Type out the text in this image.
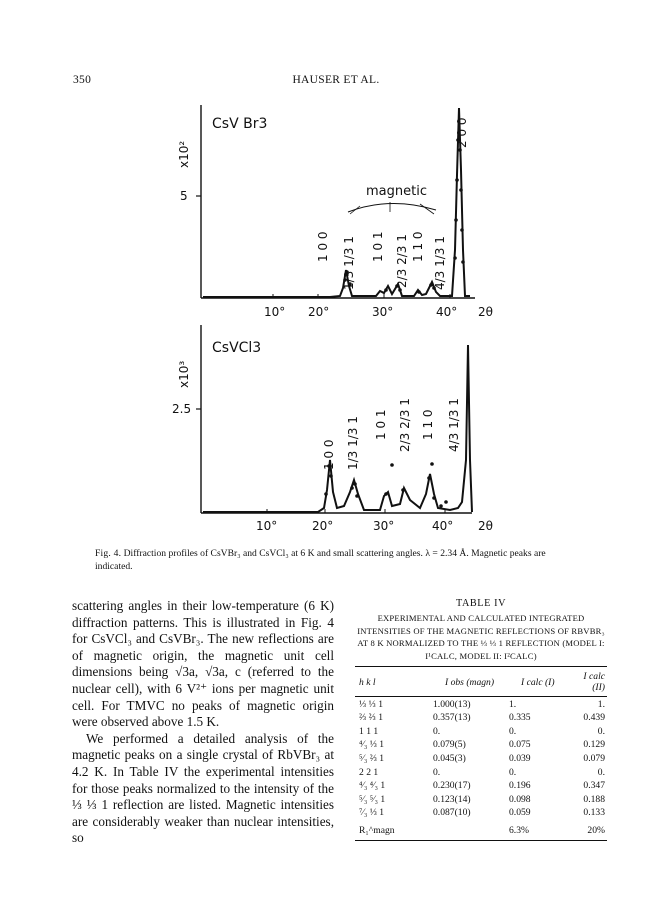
350	HAUSER ET AL.
5
CsV Br3
x10²
10° 20°	30°	40° 2θ
magnetic
1 0 0 1/3 1/3 1 1 0 1 2/3 2/3 1 1 1 0 4/3 1/3 1
2 0 0
2.5
CsVCl3
x10³
10°	20°	30°	40° 2θ
1 0 0 1/3 1/3 1 1 0 1 2/3 2/3 1 1 1 0 4/3 1/3 1
Fig. 4. Diffraction profiles of CsVBr₃ and CsVCl₃ at 6 K and small scattering angles. λ = 2.34 Å. Magnetic peaks are indicated.

scattering angles in their low-temperature (6 K) diffraction patterns. This is illustrated in Fig. 4 for CsVCl₃ and CsVBr₃. The new reflections are of magnetic origin, the magnetic unit cell dimensions being √3a, √3a, c (referred to the nuclear cell), with 6 V²⁺ ions per magnetic unit cell. For TMVC no peaks of magnetic origin were observed above 1.5 K.

We performed a detailed analysis of the magnetic peaks on a single crystal of RbVBr₃ at 4.2 K. In Table IV the experimental intensities for those peaks normalized to the intensity of the ⅓ ⅓ 1 reflection are listed. Magnetic intensities are considerably weaker than nuclear intensities, so

TABLE IV
EXPERIMENTAL AND CALCULATED INTEGRATED INTENSITIES OF THE MAGNETIC REFLECTIONS OF RBVBR₃ AT 8 K NORMALIZED TO THE ⅓ ⅓ 1 REFLECTION (MODEL I: I¹CALC, MODEL II: I²CALC)
h k l	I obs (magn)	I calc (I)	I calc (II)
⅓ ⅓ 1	1.000(13)	1.	1.
⅔ ⅔ 1	0.357(13)	0.335	0.439
1 1 1	0.	0.	0.
⁴⁄₃ ⅓ 1	0.079(5)	0.075	0.129
⁵⁄₃ ⅔ 1	0.045(3)	0.039	0.079
2 2 1	0.	0.	0.
⁴⁄₃ ⁴⁄₃ 1	0.230(17)	0.196	0.347
⁵⁄₃ ⁵⁄₃ 1	0.123(14)	0.098	0.188
⁷⁄₃ ⅓ 1	0.087(10)	0.059	0.133
R₁^magn		6.3%	20%
